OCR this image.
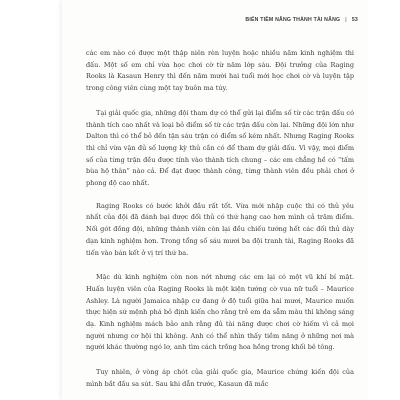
BIẾN TIỀM NĂNG THÀNH TÀI NĂNG | 53

các em nào có được một thập niên rèn luyện hoặc nhiều năm kinh nghiệm thi đấu. Một số em chỉ vừa học chơi cờ từ năm lớp sáu. Đội trưởng của Raging Rooks là Kasaun Henry thì đến năm mười hai tuổi mới học chơi cờ và luyện tập trong công viên cùng một tay buôn ma túy.

Tại giải quốc gia, những đội tham dự có thể gửi lại điểm số từ các trận đấu có thành tích cao nhất và loại bỏ điểm số từ các trận đấu còn lại. Những đội lớn như Dalton thì có thể bỏ đến tận sáu trận có điểm số kém nhất. Nhưng Raging Rooks thì chỉ vừa vặn đủ số lượng kỳ thủ cần có để tham dự giải đấu. Vì vậy, mọi điểm số của từng trận đều được tính vào thành tích chung – các em chẳng hề có “tấm bùa hộ thân” nào cả. Để đạt được thành công, từng thành viên đều phải chơi ở phong độ cao nhất.

Raging Rooks có bước khởi đầu rất tốt. Vừa mới nhập cuộc thi có thủ yêu nhất của đội đã đánh bại được đối thủ có thứ hạng cao hơn mình cả trăm điểm. Nối gót đồng đội, những thành viên còn lại đều chiếu tướng hết các đối thủ dày dạn kinh nghiệm hơn. Trong tổng số sáu mươi ba đội tranh tài, Raging Rooks đã tiến vào bán kết ở vị trí thứ ba.

Mặc dù kinh nghiệm còn non nớt nhưng các em lại có một vũ khí bí mật. Huấn luyện viên của Raging Rooks là một kiện tướng cờ vua nữ tuổi – Maurice Ashley. Là người Jamaica nhập cư đang ở độ tuổi giữa hai mươi, Maurice muốn thực hiện sứ mệnh phá bỏ định kiến cho rằng trẻ em da sẫm màu thì không sáng dạ. Kinh nghiệm mách bảo anh rằng đủ tài năng được chơi cờ hiếm vì cả mọi người nhưng cơ hội thì không. Anh có thể nhìn thấy tiềm năng ở những nơi mà người khác thường ngó lơ, anh tìm cách trồng hoa hồng trong khối bê tông.

Tuy nhiên, ở vòng áp chót của giải quốc gia, Maurice chứng kiến đội của mình bắt đầu sa sút. Sau khi dẫn trước, Kasaun đã mắc
